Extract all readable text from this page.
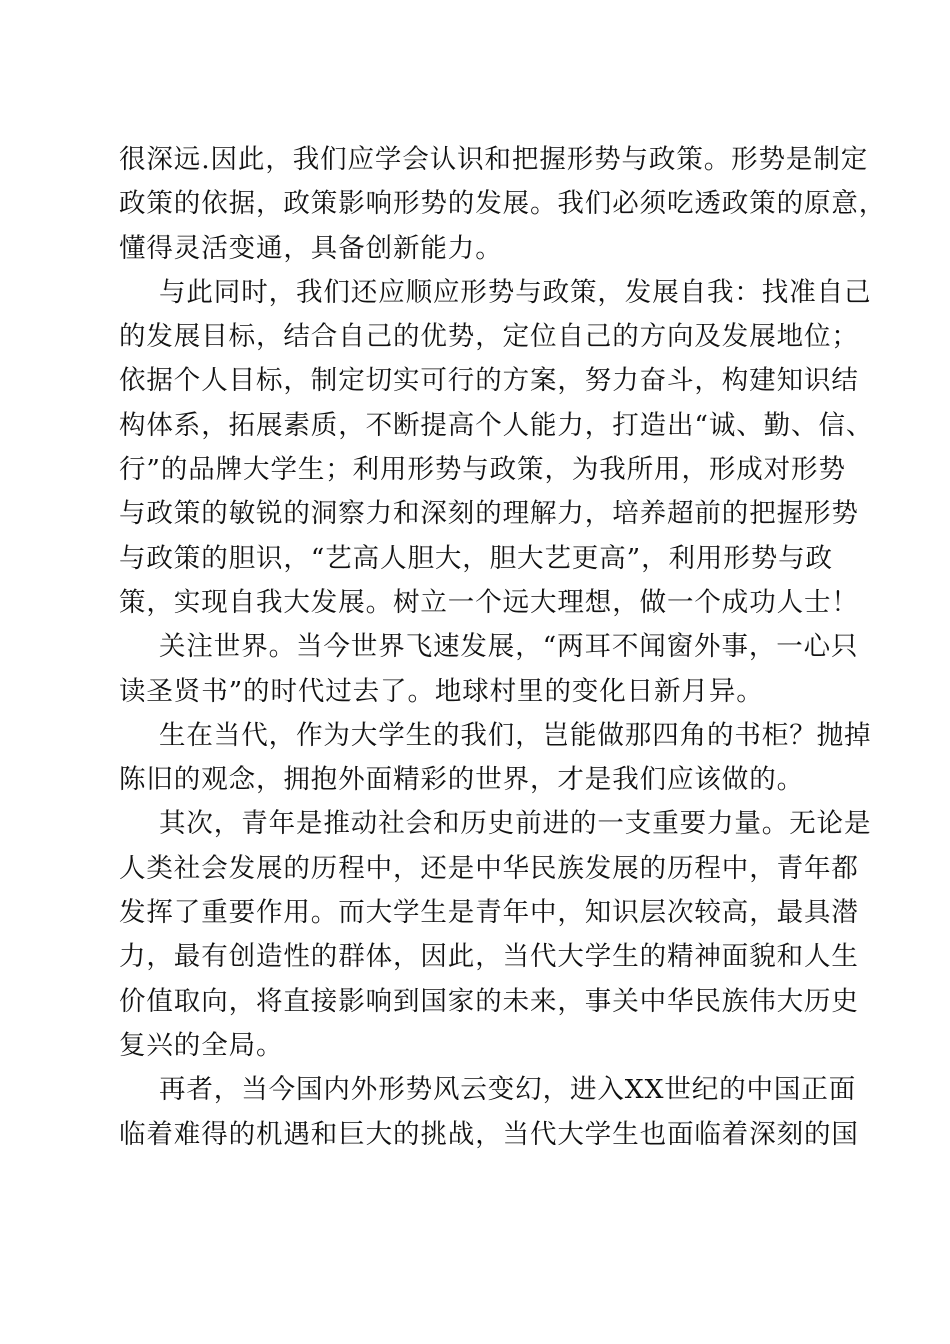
很深远.因此，我们应学会认识和把握形势与政策。形势是制定
政策的依据，政策影响形势的发展。我们必须吃透政策的原意，
懂得灵活变通，具备创新能力。
与此同时，我们还应顺应形势与政策，发展自我：找准自己
的发展目标，结合自己的优势，定位自己的方向及发展地位；
依据个人目标，制定切实可行的方案，努力奋斗，构建知识结
构体系，拓展素质，不断提高个人能力，打造出“诚、勤、信、
行”的品牌大学生；利用形势与政策，为我所用，形成对形势
与政策的敏锐的洞察力和深刻的理解力，培养超前的把握形势
与政策的胆识，“艺高人胆大，胆大艺更高”，利用形势与政
策，实现自我大发展。树立一个远大理想，做一个成功人士！
关注世界。当今世界飞速发展，“两耳不闻窗外事，一心只
读圣贤书”的时代过去了。地球村里的变化日新月异。
生在当代，作为大学生的我们，岂能做那四角的书柜？抛掉
陈旧的观念，拥抱外面精彩的世界，才是我们应该做的。
其次，青年是推动社会和历史前进的一支重要力量。无论是
人类社会发展的历程中，还是中华民族发展的历程中，青年都
发挥了重要作用。而大学生是青年中，知识层次较高，最具潜
力，最有创造性的群体，因此，当代大学生的精神面貌和人生
价值取向，将直接影响到国家的未来，事关中华民族伟大历史
复兴的全局。
再者，当今国内外形势风云变幻，进入XX世纪的中国正面
临着难得的机遇和巨大的挑战，当代大学生也面临着深刻的国
